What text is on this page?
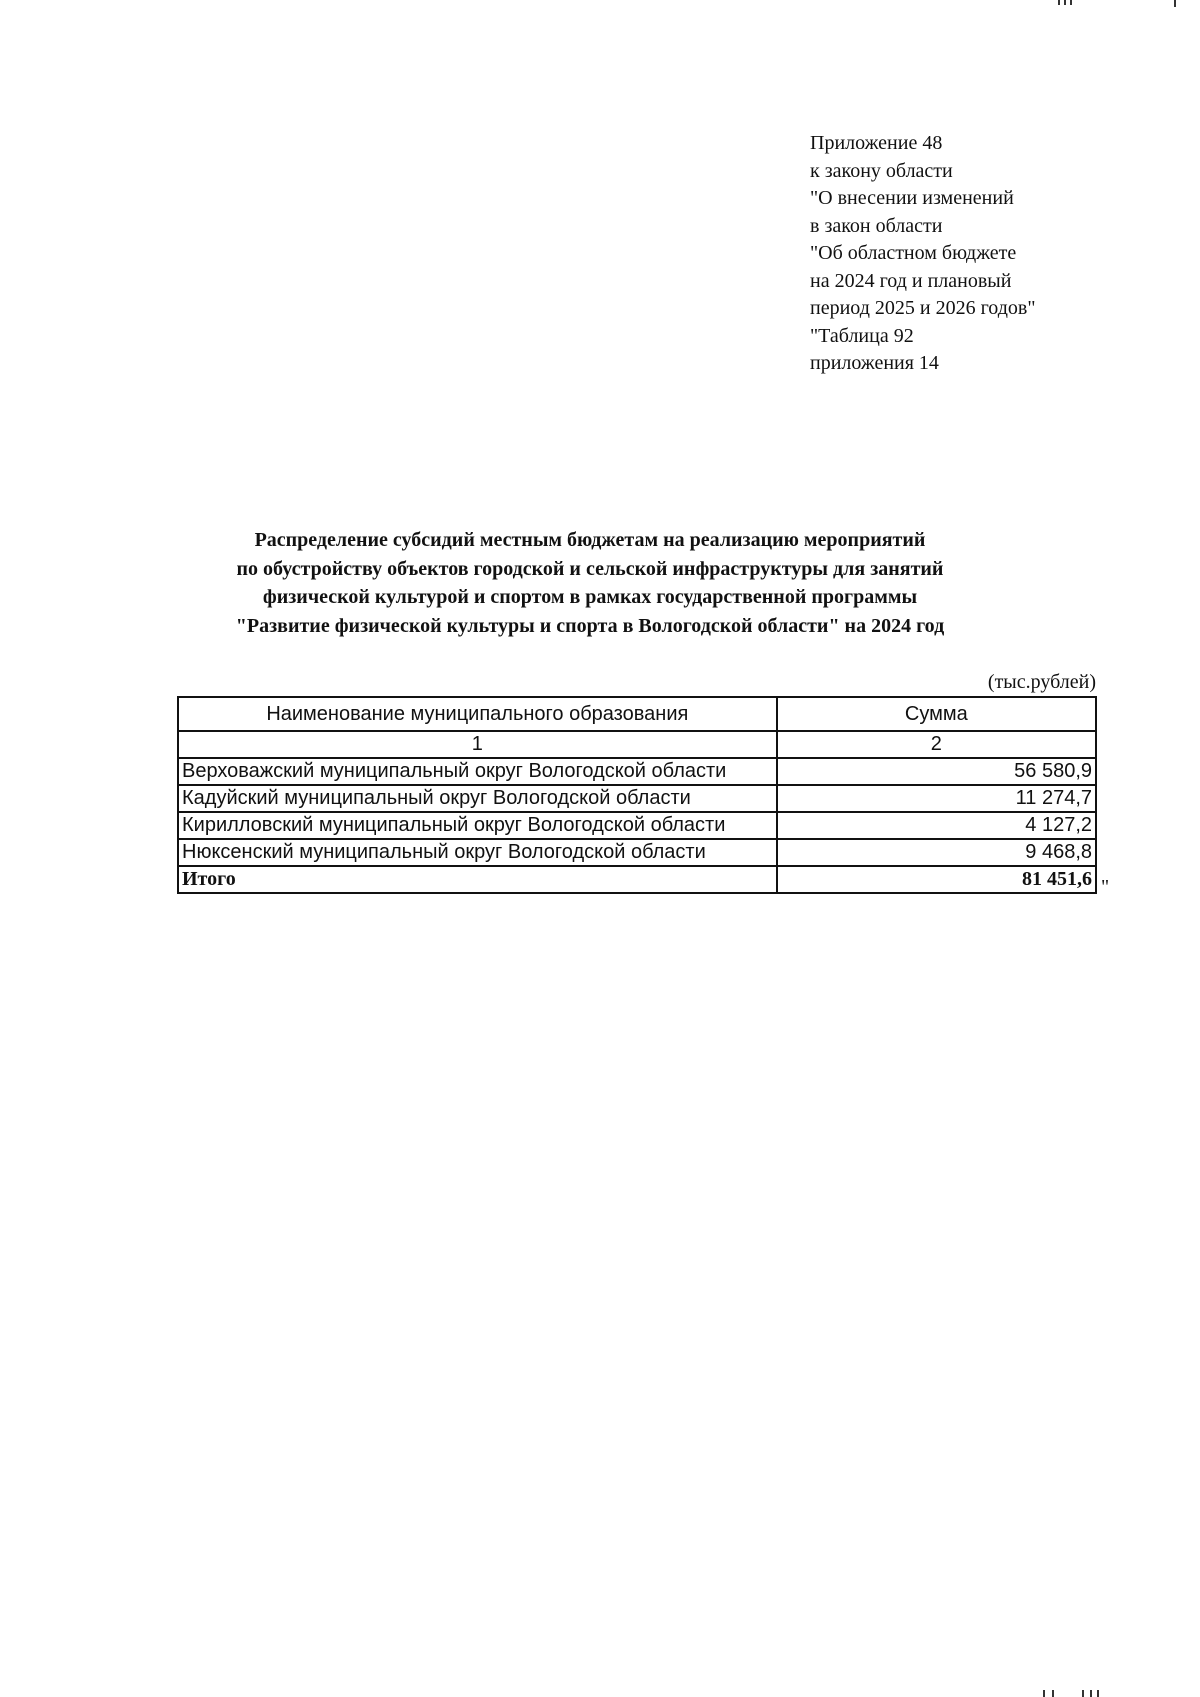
Приложение 48
к закону области
"О внесении изменений
в закон области
"Об областном бюджете
на 2024 год и плановый
период 2025 и 2026 годов"
"Таблица 92
приложения 14
Распределение субсидий местным бюджетам на реализацию мероприятий
по обустройству объектов городской и сельской инфраструктуры для занятий
физической культурой и спортом в рамках государственной программы
"Развитие физической культуры и спорта в Вологодской области" на 2024 год
(тыс.рублей)
Наименование муниципального образования	Сумма
1	2
Верховажский муниципальный округ Вологодской области	56 580,9
Кадуйский муниципальный округ Вологодской области	11 274,7
Кирилловский муниципальный округ Вологодской области	4 127,2
Нюксенский муниципальный округ Вологодской области	9 468,8
Итого	81 451,6 "
